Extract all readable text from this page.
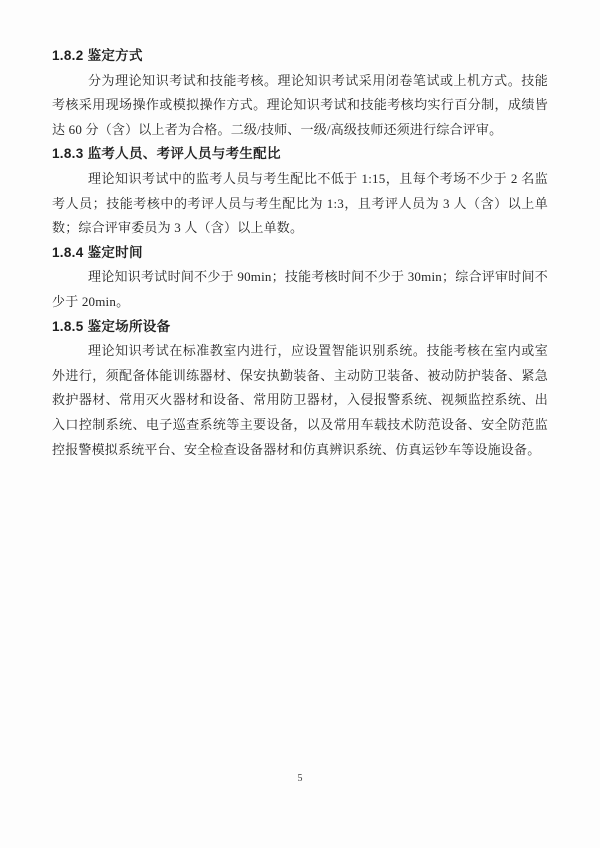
1.8.2 鉴定方式

分为理论知识考试和技能考核。理论知识考试采用闭卷笔试或上机方式。技能考核采用现场操作或模拟操作方式。理论知识考试和技能考核均实行百分制，成绩皆达 60 分（含）以上者为合格。二级/技师、一级/高级技师还须进行综合评审。

1.8.3 监考人员、考评人员与考生配比

理论知识考试中的监考人员与考生配比不低于 1:15，且每个考场不少于 2 名监考人员；技能考核中的考评人员与考生配比为 1:3，且考评人员为 3 人（含）以上单数；综合评审委员为 3 人（含）以上单数。

1.8.4 鉴定时间

理论知识考试时间不少于 90min；技能考核时间不少于 30min；综合评审时间不少于 20min。

1.8.5 鉴定场所设备

理论知识考试在标准教室内进行，应设置智能识别系统。技能考核在室内或室外进行，须配备体能训练器材、保安执勤装备、主动防卫装备、被动防护装备、紧急救护器材、常用灭火器材和设备、常用防卫器材，入侵报警系统、视频监控系统、出入口控制系统、电子巡查系统等主要设备，以及常用车载技术防范设备、安全防范监控报警模拟系统平台、安全检查设备器材和仿真辨识系统、仿真运钞车等设施设备。

5
